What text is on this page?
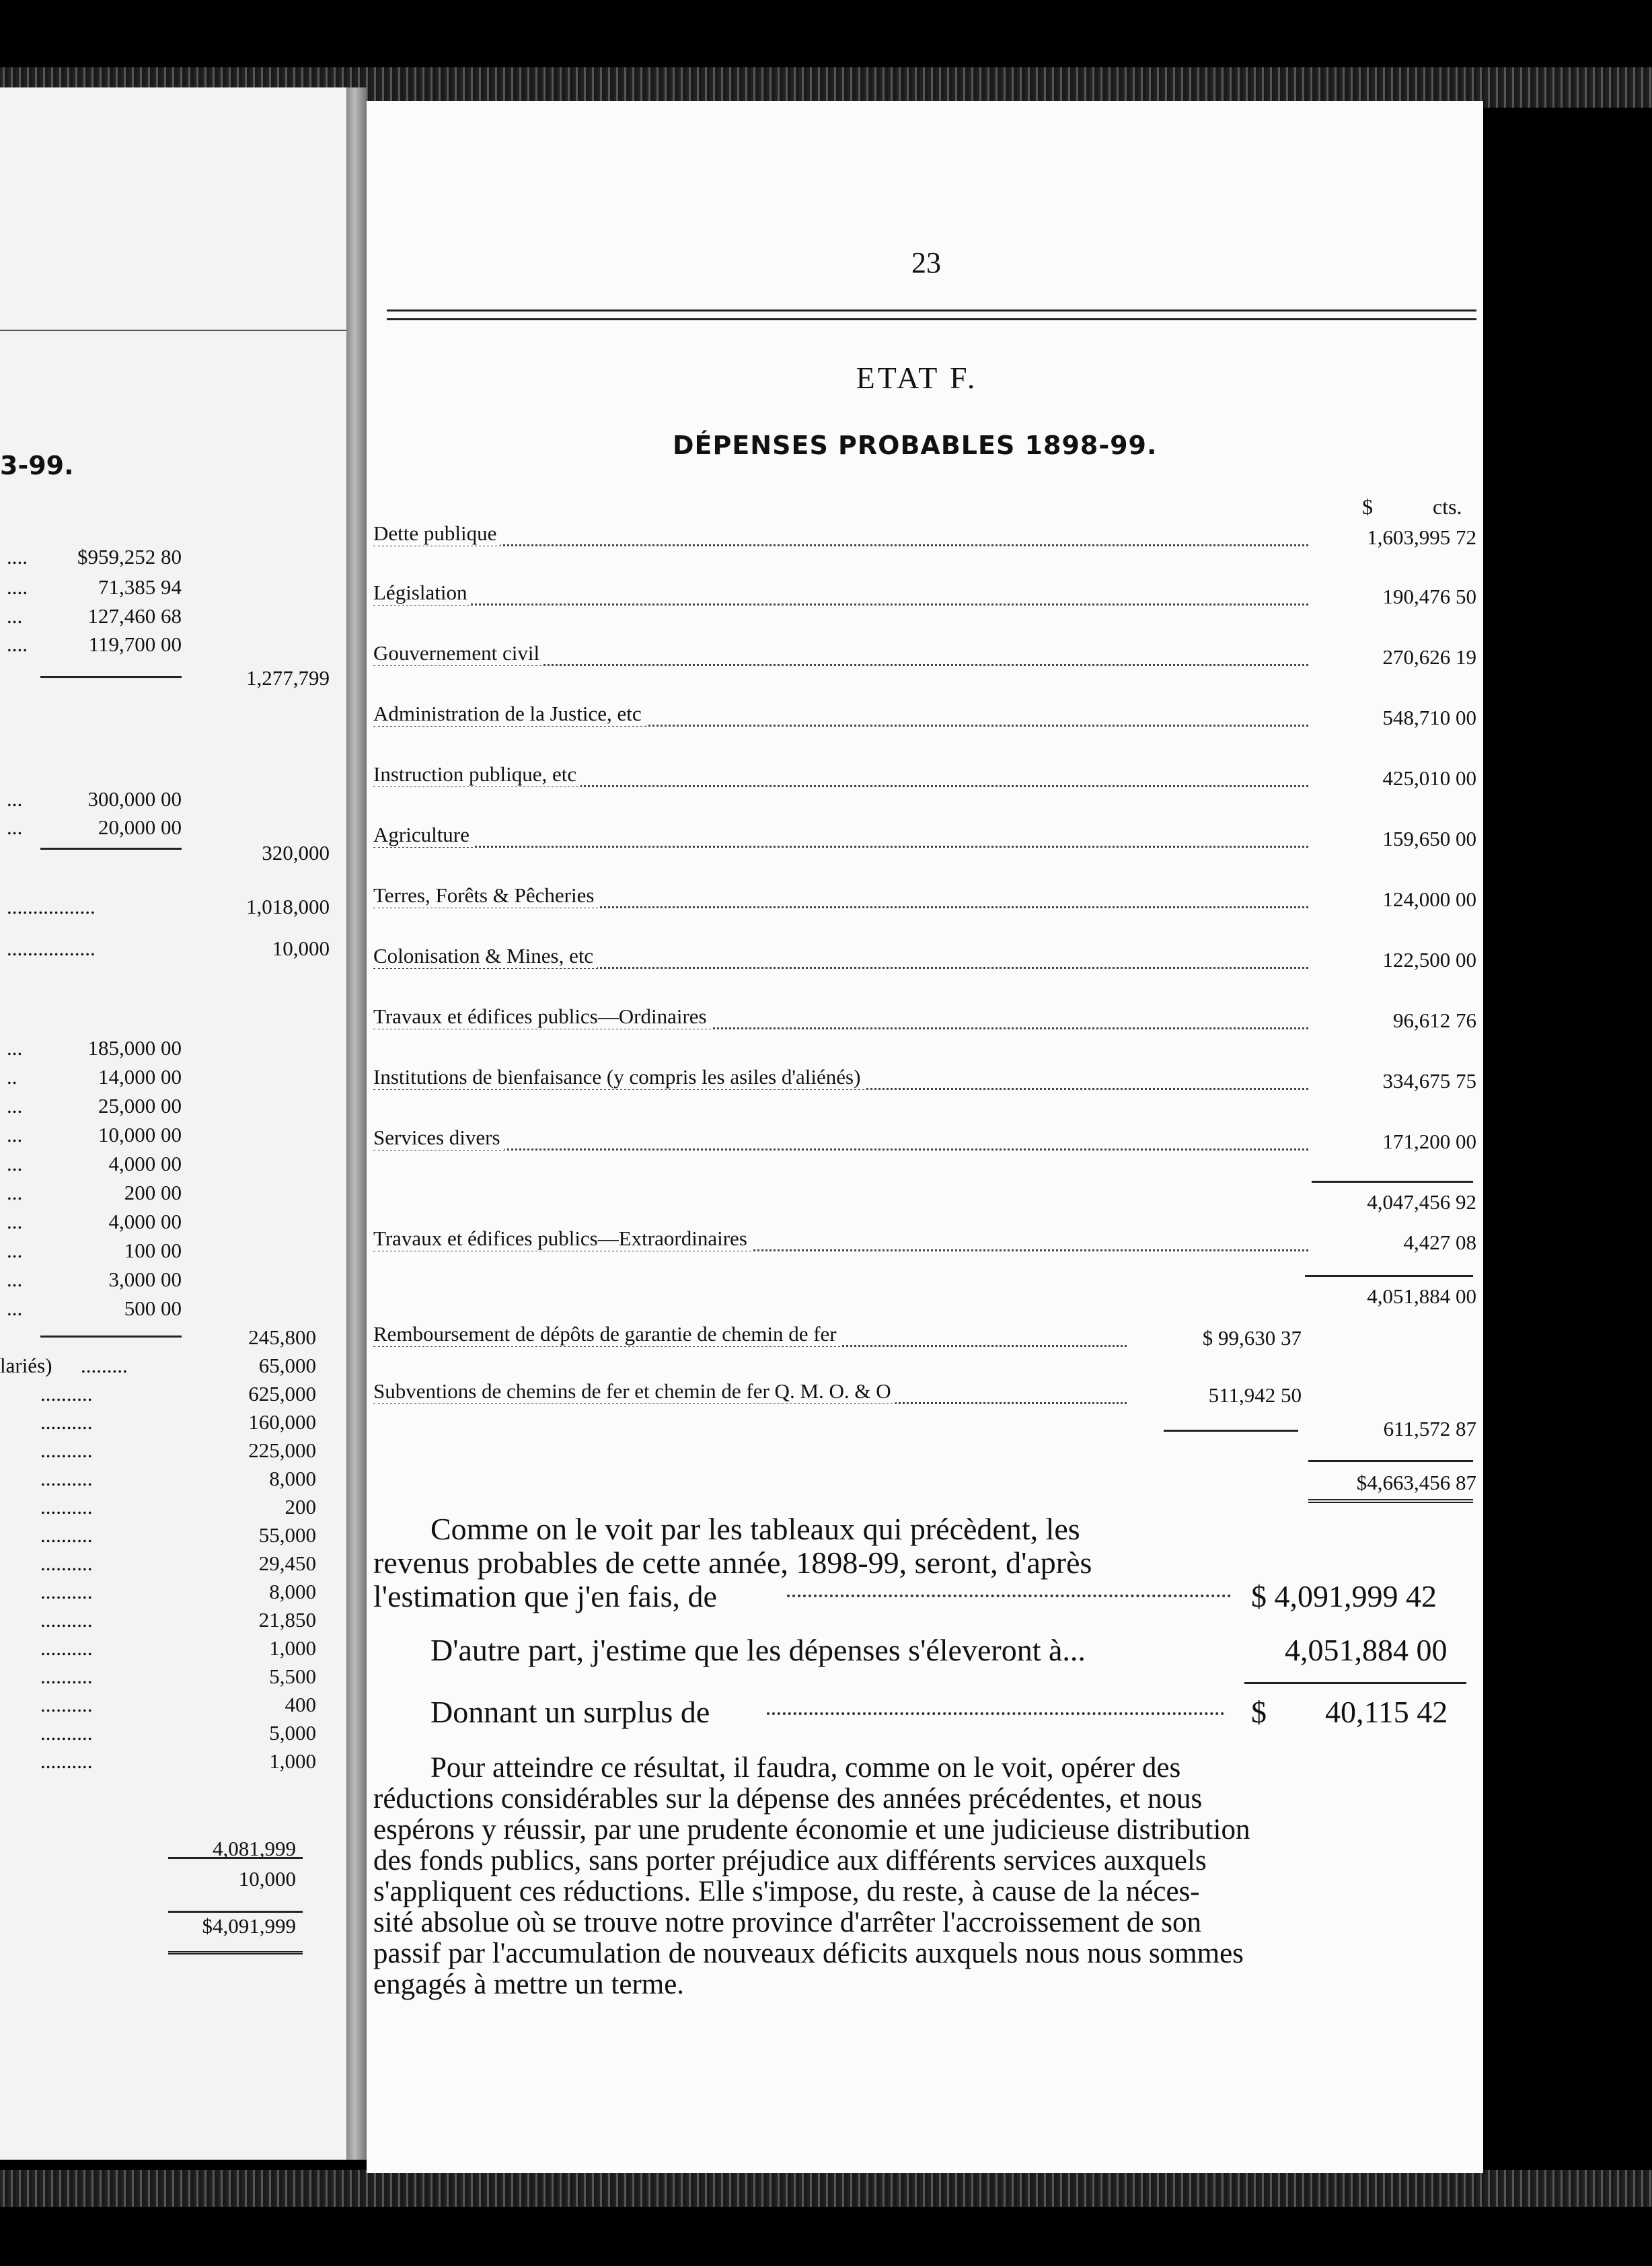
3-99.
.... $959,252 80
....	71,385 94
...	127,460 68
....	119,700 00
1,277,799
...	300,000 00
...	20,000 00
320,000
.................	1,018,000
.................	10,000
...	185,000 00
..	14,000 00
...	25,000 00
...	10,000 00
...	4,000 00
...	200 00
...	4,000 00
...	100 00
...	3,000 00
...	500 00
245,800
lariés) .........	65,000
..........	625,000
..........	160,000
..........	225,000
..........	8,000
..........	200
..........	55,000
..........	29,450
..........	8,000
..........	21,850
..........	1,000
..........	5,500
..........	400
..........	5,000
..........	1,000
4,081,999
10,000
$4,091,999
23
ETAT F.
DÉPENSES PROBABLES 1898-99.
$	cts.
Dette publique	1,603,995 72
Législation	190,476 50
Gouvernement civil	270,626 19
Administration de la Justice, etc	548,710 00
Instruction publique, etc	425,010 00
Agriculture	159,650 00
Terres, Forêts & Pêcheries	124,000 00
Colonisation & Mines, etc	122,500 00
Travaux et édifices publics—Ordinaires	96,612 76
Institutions de bienfaisance (y compris les asiles d'aliénés)	334,675 75
Services divers	171,200 00
4,047,456 92
Travaux et édifices publics—Extraordinaires	4,427 08
4,051,884 00
Remboursement de dépôts de garantie de chemin de fer	$ 99,630 37
Subventions de chemins de fer et chemin de fer Q. M. O. & O	511,942 50
611,572 87
$4,663,456 87
Comme on le voit par les tableaux qui précèdent, les
revenus probables de cette année, 1898-99, seront, d'après
l'estimation que j'en fais, de	$ 4,091,999 42
D'autre part, j'estime que les dépenses s'éleveront à...	4,051,884 00
Donnant un surplus de	$ 40,115 42
Pour atteindre ce résultat, il faudra, comme on le voit, opérer des
réductions considérables sur la dépense des années précédentes, et nous
espérons y réussir, par une prudente économie et une judicieuse distribution
des fonds publics, sans porter préjudice aux différents services auxquels
s'appliquent ces réductions. Elle s'impose, du reste, à cause de la néces-
sité absolue où se trouve notre province d'arrêter l'accroissement de son
passif par l'accumulation de nouveaux déficits auxquels nous nous sommes
engagés à mettre un terme.
